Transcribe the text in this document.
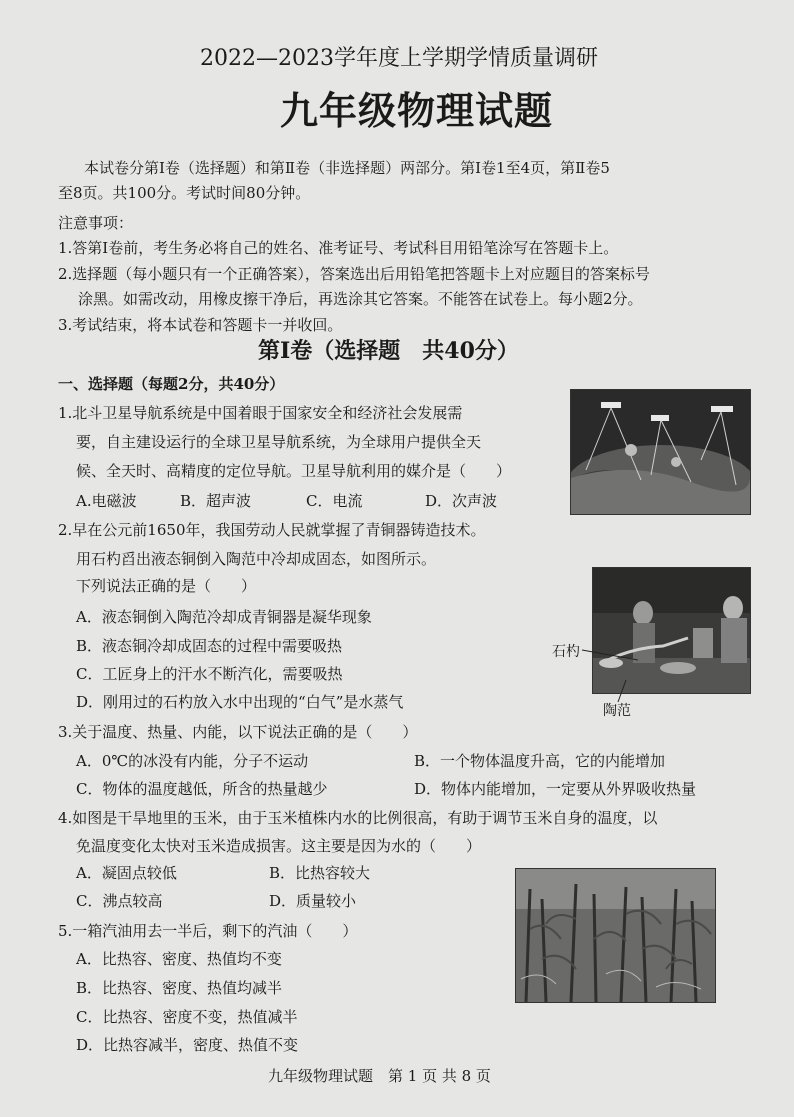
2022—2023学年度上学期学情质量调研
九年级物理试题
本试卷分第Ⅰ卷（选择题）和第Ⅱ卷（非选择题）两部分。第Ⅰ卷1至4页，第Ⅱ卷5
至8页。共100分。考试时间80分钟。
注意事项：
1.答第Ⅰ卷前，考生务必将自己的姓名、准考证号、考试科目用铅笔涂写在答题卡上。
2.选择题（每小题只有一个正确答案），答案选出后用铅笔把答题卡上对应题目的答案标号
涂黑。如需改动，用橡皮擦干净后，再选涂其它答案。不能答在试卷上。每小题2分。
3.考试结束，将本试卷和答题卡一并收回。
第Ⅰ卷（选择题　共40分）
一、选择题（每题2分，共40分）
1.北斗卫星导航系统是中国着眼于国家安全和经济社会发展需
要，自主建设运行的全球卫星导航系统，为全球用户提供全天
候、全天时、高精度的定位导航。卫星导航利用的媒介是（　　）
A.电磁波	B．超声波	C．电流	D．次声波
2.早在公元前1650年，我国劳动人民就掌握了青铜器铸造技术。
用石杓舀出液态铜倒入陶范中冷却成固态，如图所示。
下列说法正确的是（　　）
A．液态铜倒入陶范冷却成青铜器是凝华现象
B．液态铜冷却成固态的过程中需要吸热
C．工匠身上的汗水不断汽化，需要吸热
D．刚用过的石杓放入水中出现的“白气”是水蒸气
石杓
陶范
3.关于温度、热量、内能，以下说法正确的是（　　）
A．0℃的冰没有内能，分子不运动	B．一个物体温度升高，它的内能增加
C．物体的温度越低，所含的热量越少	D．物体内能增加，一定要从外界吸收热量
4.如图是干旱地里的玉米，由于玉米植株内水的比例很高，有助于调节玉米自身的温度，以
免温度变化太快对玉米造成损害。这主要是因为水的（　　）
A．凝固点较低	B．比热容较大
C．沸点较高	D．质量较小
5.一箱汽油用去一半后，剩下的汽油（　　）
A．比热容、密度、热值均不变
B．比热容、密度、热值均减半
C．比热容、密度不变，热值减半
D．比热容减半，密度、热值不变
九年级物理试题　第 1 页 共 8 页
